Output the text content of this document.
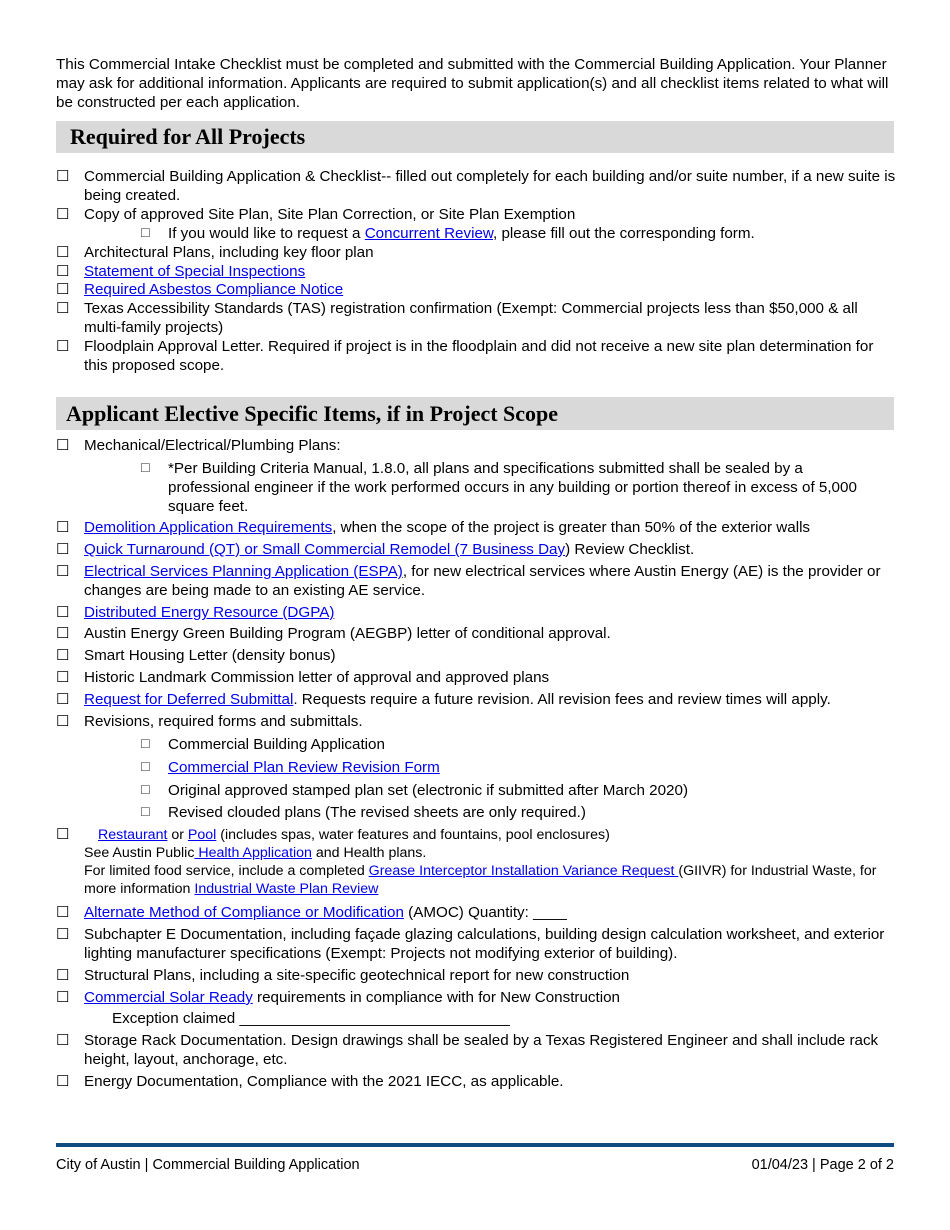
This Commercial Intake Checklist must be completed and submitted with the Commercial Building Application. Your Planner may ask for additional information. Applicants are required to submit application(s) and all checklist items related to what will be constructed per each application.

Required for All Projects
☐ Commercial Building Application & Checklist-- filled out completely for each building and/or suite number, if a new suite is being created.
☐ Copy of approved Site Plan, Site Plan Correction, or Site Plan Exemption
☐ If you would like to request a Concurrent Review, please fill out the corresponding form.
☐ Architectural Plans, including key floor plan
☐ Statement of Special Inspections
☐ Required Asbestos Compliance Notice
☐ Texas Accessibility Standards (TAS) registration confirmation (Exempt: Commercial projects less than $50,000 & all multi-family projects)
☐ Floodplain Approval Letter. Required if project is in the floodplain and did not receive a new site plan determination for this proposed scope.
Applicant Elective Specific Items, if in Project Scope
☐ Mechanical/Electrical/Plumbing Plans:
☐ *Per Building Criteria Manual, 1.8.0, all plans and specifications submitted shall be sealed by a professional engineer if the work performed occurs in any building or portion thereof in excess of 5,000 square feet.
☐ Demolition Application Requirements, when the scope of the project is greater than 50% of the exterior walls
☐ Quick Turnaround (QT) or Small Commercial Remodel (7 Business Day) Review Checklist.
☐ Electrical Services Planning Application (ESPA), for new electrical services where Austin Energy (AE) is the provider or changes are being made to an existing AE service.
☐ Distributed Energy Resource (DGPA)
☐ Austin Energy Green Building Program (AEGBP) letter of conditional approval.
☐ Smart Housing Letter (density bonus)
☐ Historic Landmark Commission letter of approval and approved plans
☐ Request for Deferred Submittal. Requests require a future revision. All revision fees and review times will apply.
☐ Revisions, required forms and submittals.
☐ Commercial Building Application
☐ Commercial Plan Review Revision Form
☐ Original approved stamped plan set (electronic if submitted after March 2020)
☐ Revised clouded plans (The revised sheets are only required.)
☐	Restaurant or Pool (includes spas, water features and fountains, pool enclosures)
See Austin Public Health Application and Health plans.
For limited food service, include a completed Grease Interceptor Installation Variance Request (GIIVR) for Industrial Waste, for more information Industrial Waste Plan Review
☐ Alternate Method of Compliance or Modification (AMOC) Quantity: ____
☐ Subchapter E Documentation, including façade glazing calculations, building design calculation worksheet, and exterior lighting manufacturer specifications (Exempt: Projects not modifying exterior of building).
☐ Structural Plans, including a site-specific geotechnical report for new construction
☐ Commercial Solar Ready requirements in compliance with for New Construction
Exception claimed ________________________________
☐ Storage Rack Documentation. Design drawings shall be sealed by a Texas Registered Engineer and shall include rack height, layout, anchorage, etc.
☐ Energy Documentation, Compliance with the 2021 IECC, as applicable.
City of Austin | Commercial Building Application	01/04/23 | Page 2 of 2
